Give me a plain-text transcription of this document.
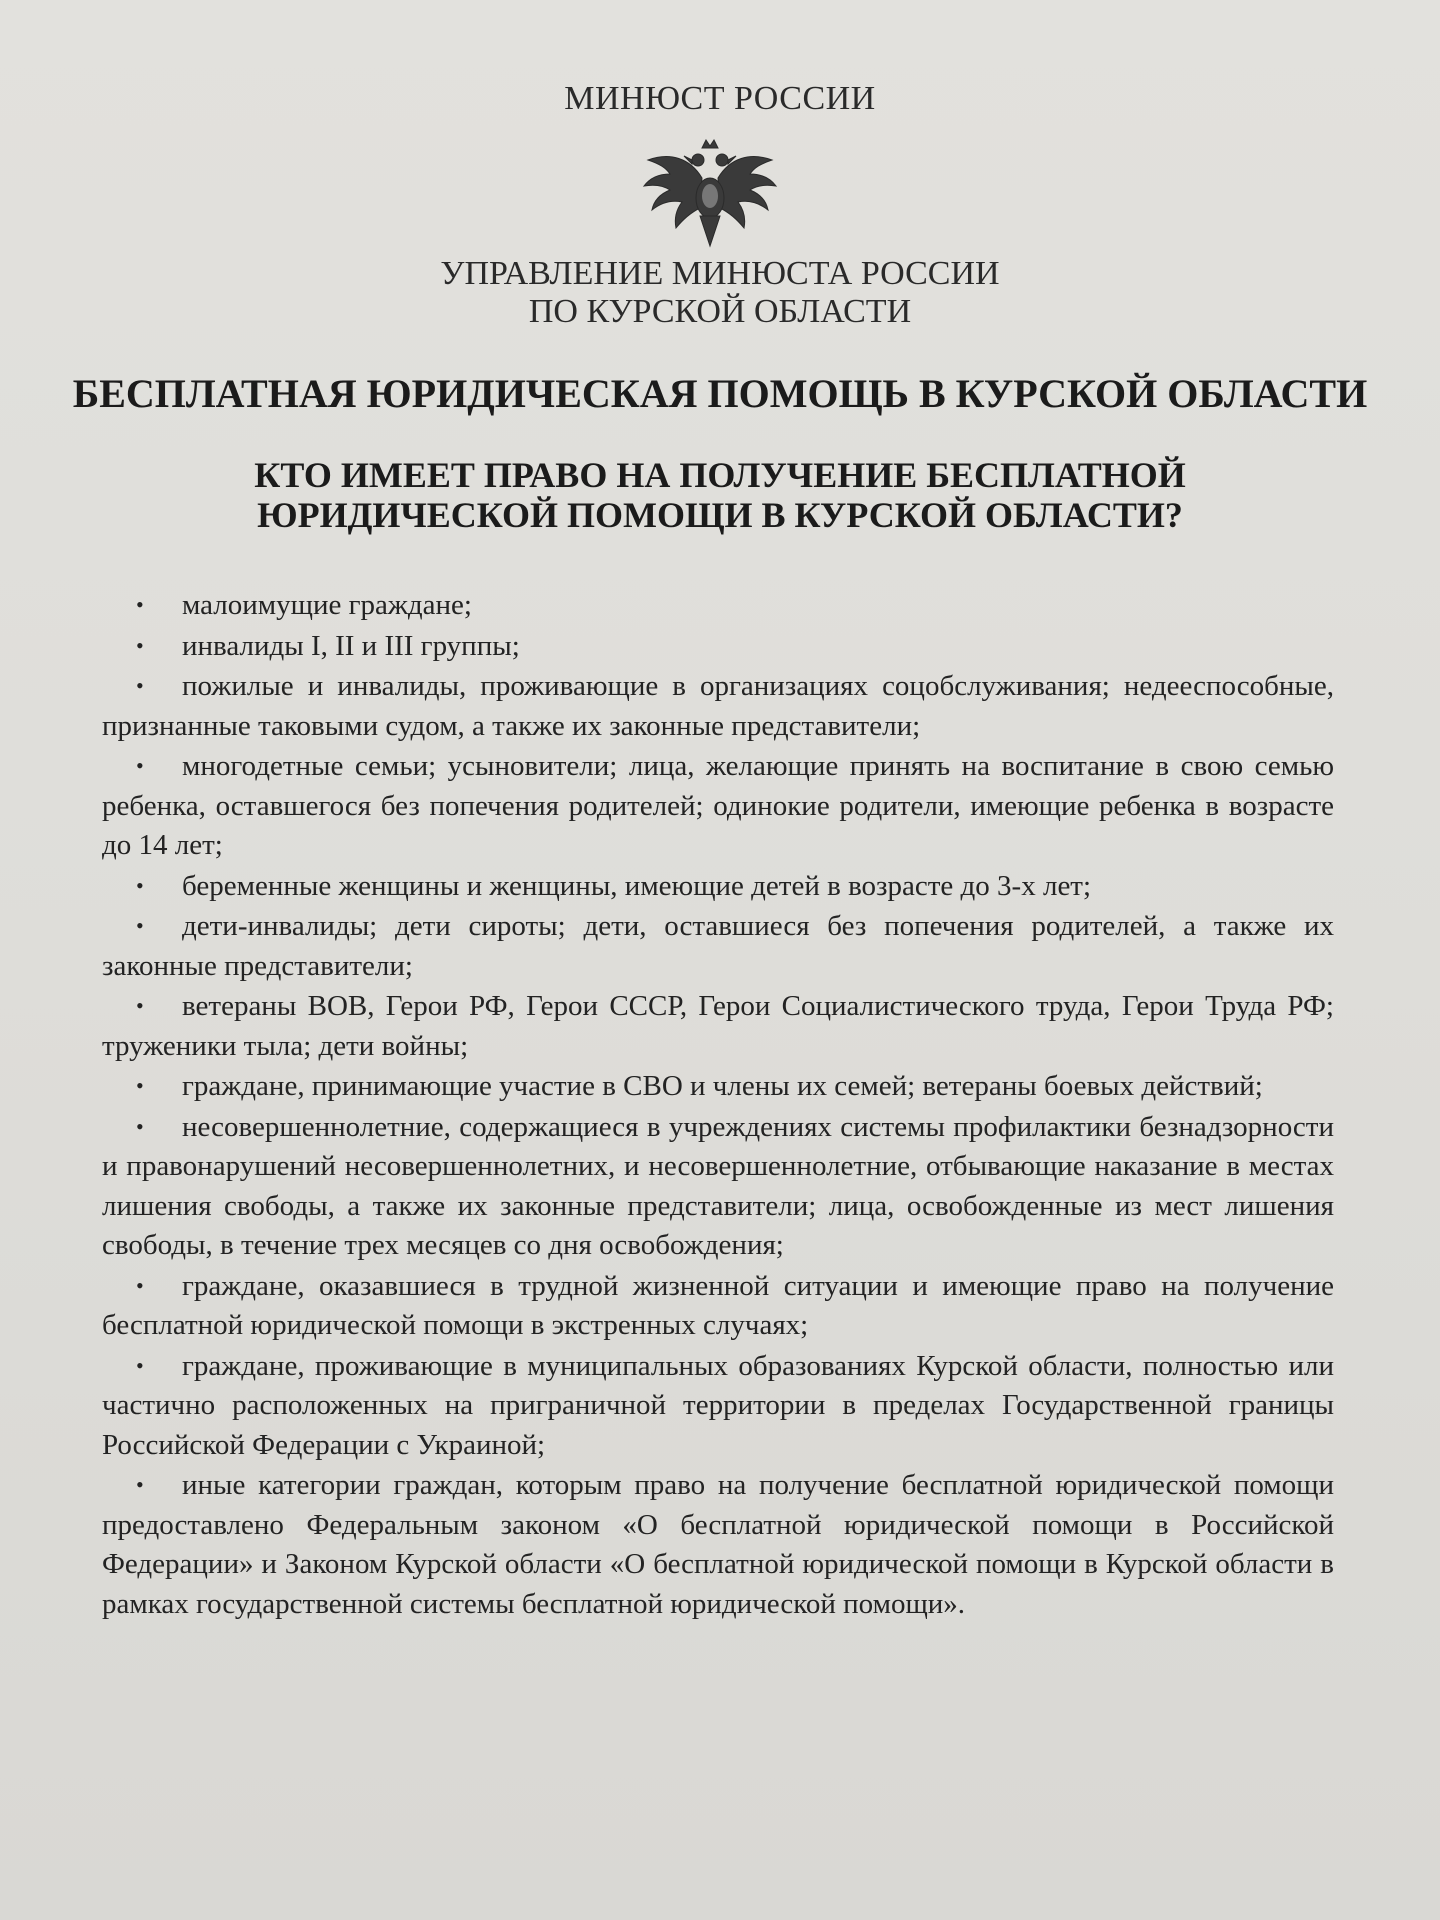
МИНЮСТ РОССИИ
УПРАВЛЕНИЕ МИНЮСТА РОССИИ
ПО КУРСКОЙ ОБЛАСТИ
БЕСПЛАТНАЯ ЮРИДИЧЕСКАЯ ПОМОЩЬ В КУРСКОЙ ОБЛАСТИ
КТО ИМЕЕТ ПРАВО НА ПОЛУЧЕНИЕ БЕСПЛАТНОЙ
ЮРИДИЧЕСКОЙ ПОМОЩИ В КУРСКОЙ ОБЛАСТИ?
• малоимущие граждане;
• инвалиды I, II и III группы;
• пожилые и инвалиды, проживающие в организациях соцобслуживания; недееспособные, признанные таковыми судом, а также их законные представители;
• многодетные семьи; усыновители; лица, желающие принять на воспитание в свою семью ребенка, оставшегося без попечения родителей; одинокие родители, имеющие ребенка в возрасте до 14 лет;
• беременные женщины и женщины, имеющие детей в возрасте до 3-х лет;
• дети-инвалиды; дети сироты; дети, оставшиеся без попечения родителей, а также их законные представители;
• ветераны ВОВ, Герои РФ, Герои СССР, Герои Социалистического труда, Герои Труда РФ; труженики тыла; дети войны;
• граждане, принимающие участие в СВО и члены их семей; ветераны боевых действий;
• несовершеннолетние, содержащиеся в учреждениях системы профилактики безнадзорности и правонарушений несовершеннолетних, и несовершеннолетние, отбывающие наказание в местах лишения свободы, а также их законные представители; лица, освобожденные из мест лишения свободы, в течение трех месяцев со дня освобождения;
• граждане, оказавшиеся в трудной жизненной ситуации и имеющие право на получение бесплатной юридической помощи в экстренных случаях;
• граждане, проживающие в муниципальных образованиях Курской области, полностью или частично расположенных на приграничной территории в пределах Государственной границы Российской Федерации с Украиной;
• иные категории граждан, которым право на получение бесплатной юридической помощи предоставлено Федеральным законом «О бесплатной юридической помощи в Российской Федерации» и Законом Курской области «О бесплатной юридической помощи в Курской области в рамках государственной системы бесплатной юридической помощи».
